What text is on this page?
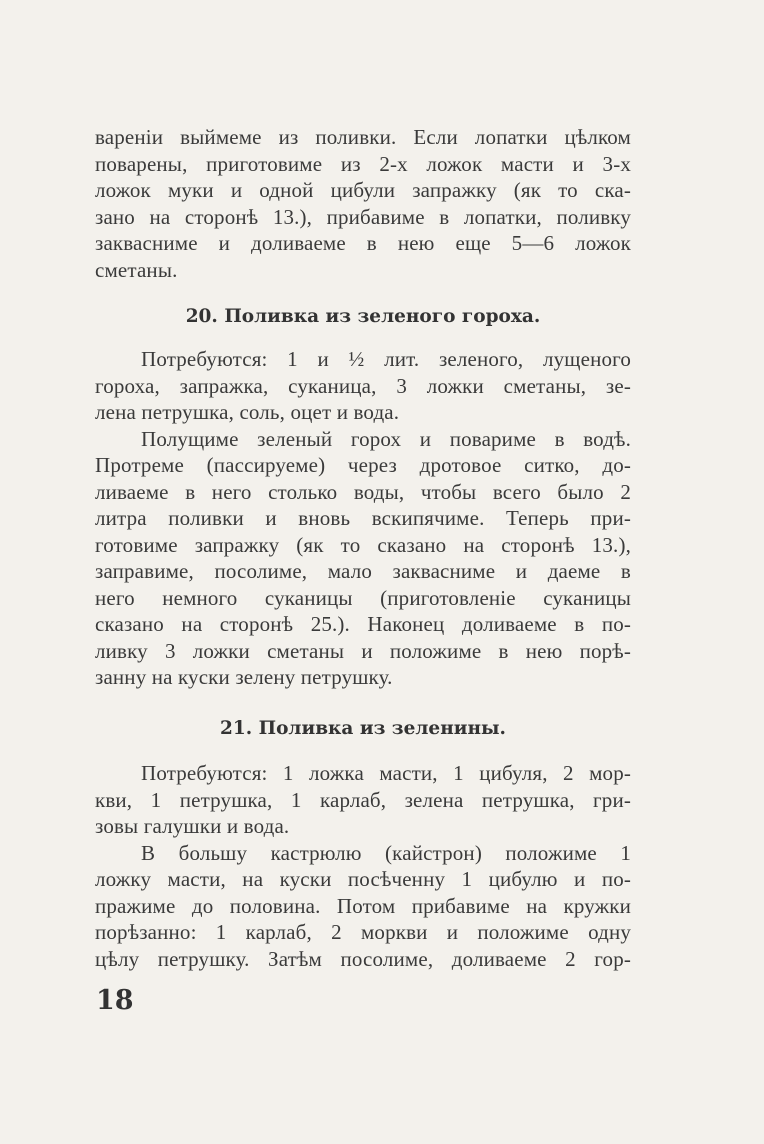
варенiи выймеме из поливки. Если лопатки цѣлком
поварены, приготовиме из 2-х ложок масти и 3-х
ложок муки и одной цибули запражку (як то ска-
зано на сторонѣ 13.), прибавиме в лопатки, поливку
заквасниме и доливаеме в нею еще 5—6 ложок
сметаны.
20. Поливка из зеленого гороха.
Потребуются: 1 и ½ лит. зеленого, лущеного
гороха, запражка, суканица, 3 ложки сметаны, зе-
лена петрушка, соль, оцет и вода.
Полущиме зеленый горох и повариме в водѣ.
Протреме (пассируеме) через дротовое ситко, до-
ливаеме в него столько воды, чтобы всего было 2
литра поливки и вновь вскипячиме. Теперь при-
готовиме запражку (як то сказано на сторонѣ 13.),
заправиме, посолиме, мало заквасниме и даеме в
него немного суканицы (приготовленiе суканицы
сказано на сторонѣ 25.). Наконец доливаеме в по-
ливку 3 ложки сметаны и положиме в нею порѣ-
занну на куски зелену петрушку.
21. Поливка из зеленины.
Потребуются: 1 ложка масти, 1 цибуля, 2 мор-
кви, 1 петрушка, 1 карлаб, зелена петрушка, гри-
зовы галушки и вода.
В большу кастрюлю (кайстрон) положиме 1
ложку масти, на куски посѣченну 1 цибулю и по-
пражиме до половина. Потом прибавиме на кружки
порѣзанно: 1 карлаб, 2 моркви и положиме одну
цѣлу петрушку. Затѣм посолиме, доливаеме 2 гор-
18
